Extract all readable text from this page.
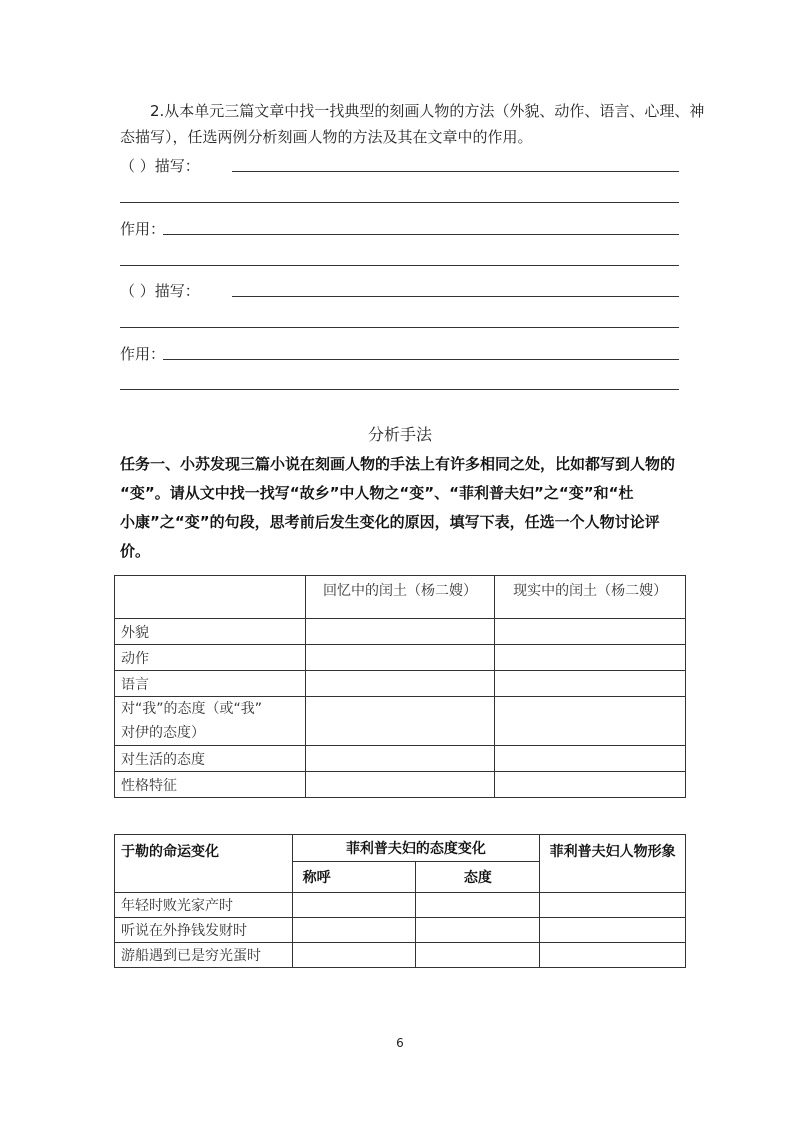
2.从本单元三篇文章中找一找典型的刻画人物的方法（外貌、动作、语言、心理、神
态描写），任选两例分析刻画人物的方法及其在文章中的作用。
（ ）描写：
作用：
（ ）描写：
作用：
分析手法
任务一、小苏发现三篇小说在刻画人物的手法上有许多相同之处，比如都写到人物的
“变”。请从文中找一找写“故乡”中人物之“变”、“菲利普夫妇”之“变”和“杜
小康”之“变”的句段，思考前后发生变化的原因，填写下表，任选一个人物讨论评
价。
	回忆中的闰土（杨二嫂）	现实中的闰土（杨二嫂）
外貌		
动作		
语言		

对“我”的态度（或“我”
对伊的态度）		

对生活的态度		
性格特征		
于勒的命运变化	菲利普夫妇的态度变化		菲利普夫妇人物形象
	称呼	态度	
年轻时败光家产时			
听说在外挣钱发财时			
游船遇到已是穷光蛋时			
6
